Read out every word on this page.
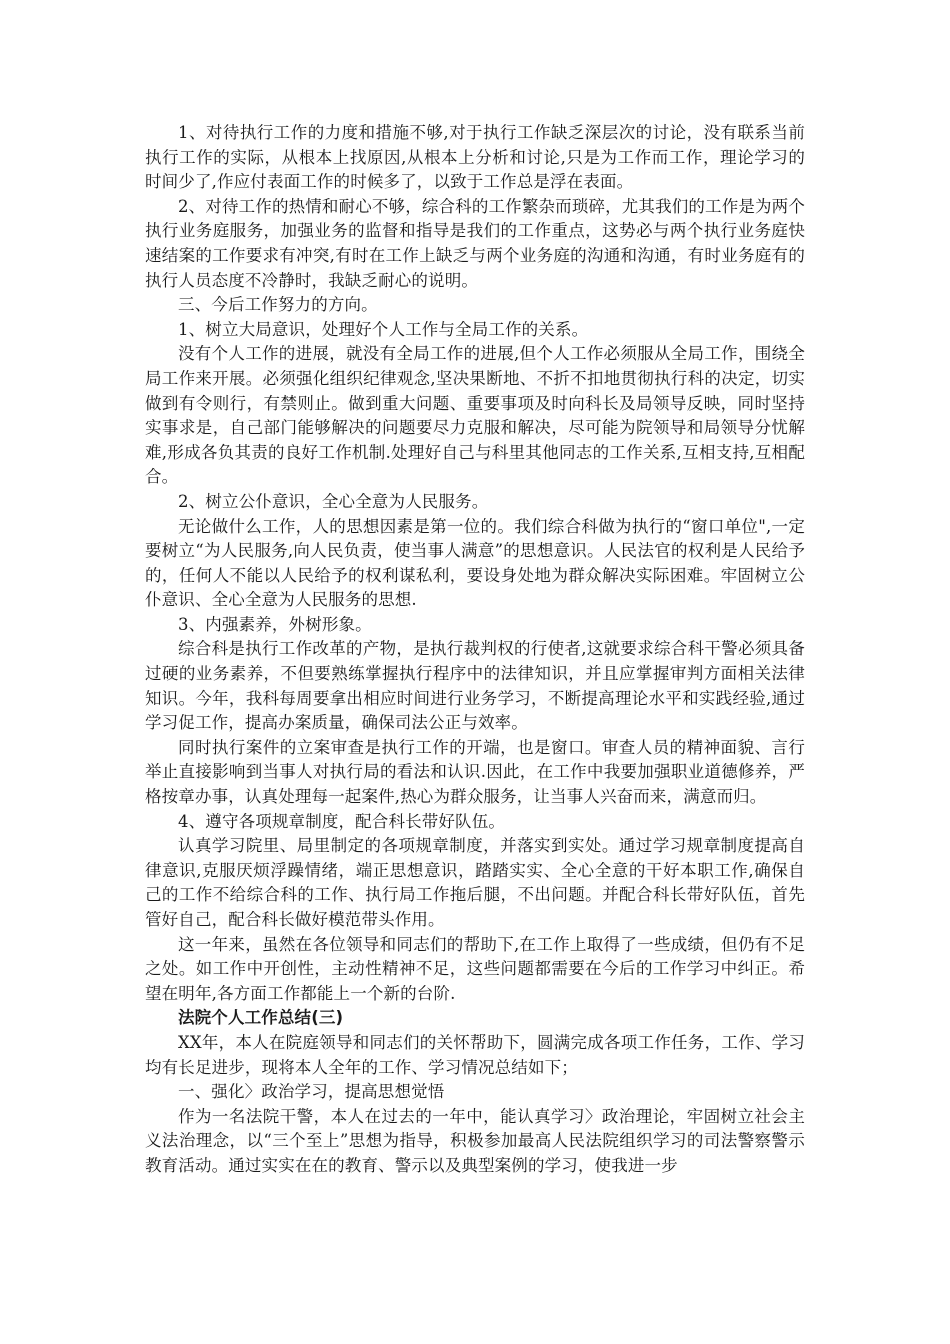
1、对待执行工作的力度和措施不够,对于执行工作缺乏深层次的讨论，没有联系当前执行工作的实际，从根本上找原因,从根本上分析和讨论,只是为工作而工作，理论学习的时间少了,作应付表面工作的时候多了，以致于工作总是浮在表面。

2、对待工作的热情和耐心不够，综合科的工作繁杂而琐碎，尤其我们的工作是为两个执行业务庭服务，加强业务的监督和指导是我们的工作重点，这势必与两个执行业务庭快速结案的工作要求有冲突,有时在工作上缺乏与两个业务庭的沟通和沟通，有时业务庭有的执行人员态度不冷静时，我缺乏耐心的说明。

三、今后工作努力的方向。

1、树立大局意识，处理好个人工作与全局工作的关系。

没有个人工作的进展，就没有全局工作的进展,但个人工作必须服从全局工作，围绕全局工作来开展。必须强化组织纪律观念,坚决果断地、不折不扣地贯彻执行科的决定，切实做到有令则行，有禁则止。做到重大问题、重要事项及时向科长及局领导反映，同时坚持实事求是，自己部门能够解决的问题要尽力克服和解决，尽可能为院领导和局领导分忧解难,形成各负其责的良好工作机制.处理好自己与科里其他同志的工作关系,互相支持,互相配合。

2、树立公仆意识，全心全意为人民服务。

无论做什么工作，人的思想因素是第一位的。我们综合科做为执行的“窗口单位",一定要树立“为人民服务,向人民负责，使当事人满意”的思想意识。人民法官的权利是人民给予的，任何人不能以人民给予的权利谋私利，要设身处地为群众解决实际困难。牢固树立公仆意识、全心全意为人民服务的思想.

3、内强素养，外树形象。

综合科是执行工作改革的产物，是执行裁判权的行使者,这就要求综合科干警必须具备过硬的业务素养，不但要熟练掌握执行程序中的法律知识，并且应掌握审判方面相关法律知识。今年，我科每周要拿出相应时间进行业务学习，不断提高理论水平和实践经验,通过学习促工作，提高办案质量，确保司法公正与效率。

同时执行案件的立案审查是执行工作的开端，也是窗口。审查人员的精神面貌、言行举止直接影响到当事人对执行局的看法和认识.因此，在工作中我要加强职业道德修养，严格按章办事，认真处理每一起案件,热心为群众服务，让当事人兴奋而来，满意而归。

4、遵守各项规章制度，配合科长带好队伍。

认真学习院里、局里制定的各项规章制度，并落实到实处。通过学习规章制度提高自律意识,克服厌烦浮躁情绪，端正思想意识，踏踏实实、全心全意的干好本职工作,确保自己的工作不给综合科的工作、执行局工作拖后腿，不出问题。并配合科长带好队伍，首先管好自己，配合科长做好模范带头作用。

这一年来，虽然在各位领导和同志们的帮助下,在工作上取得了一些成绩，但仍有不足之处。如工作中开创性，主动性精神不足，这些问题都需要在今后的工作学习中纠正。希望在明年,各方面工作都能上一个新的台阶.

法院个人工作总结(三)

XX年，本人在院庭领导和同志们的关怀帮助下，圆满完成各项工作任务，工作、学习均有长足进步，现将本人全年的工作、学习情况总结如下；

一、强化〉政治学习，提高思想觉悟

作为一名法院干警，本人在过去的一年中，能认真学习〉政治理论，牢固树立社会主义法治理念，以“三个至上”思想为指导，积极参加最高人民法院组织学习的司法警察警示教育活动。通过实实在在的教育、警示以及典型案例的学习，使我进一步
